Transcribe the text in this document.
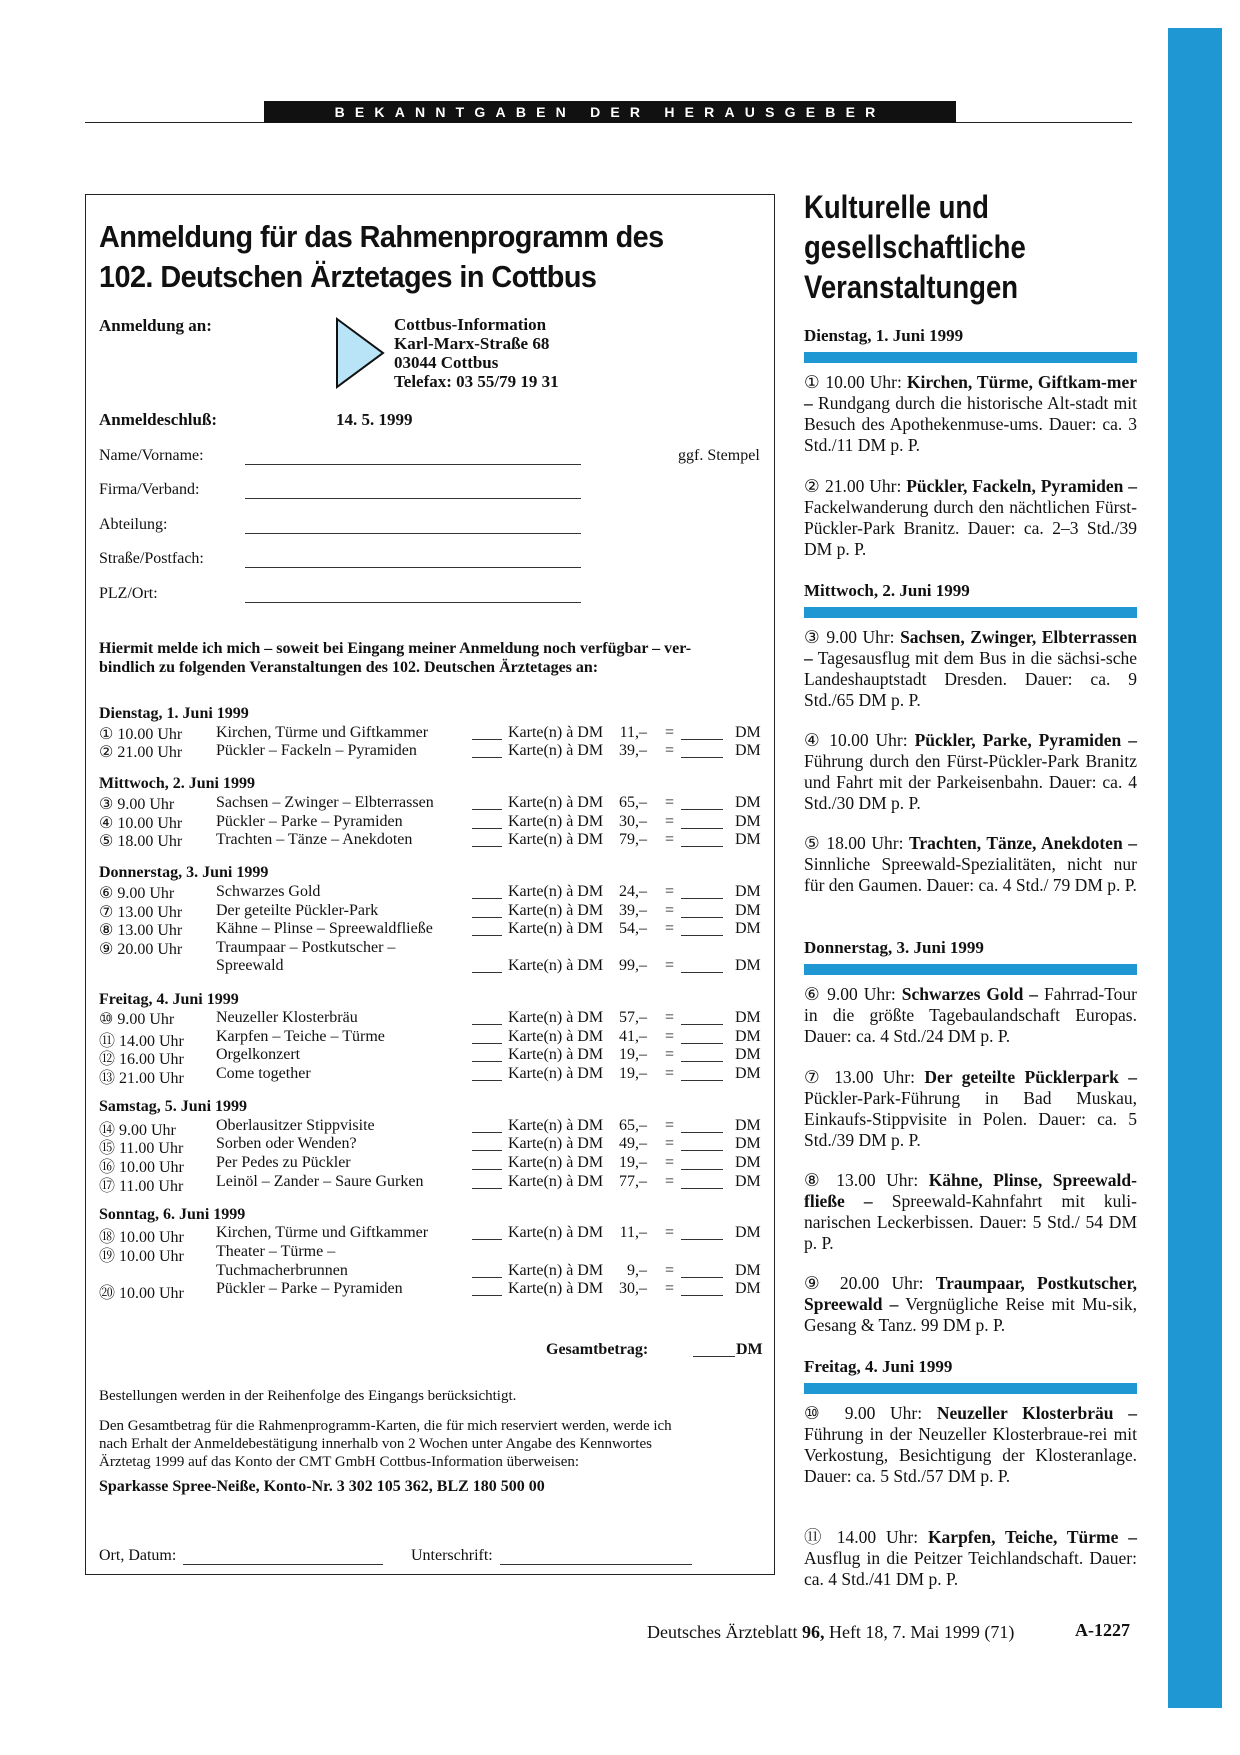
BEKANNTGABEN DER HERAUSGEBER
Anmeldung für das Rahmenprogramm des
102. Deutschen Ärztetages in Cottbus
Anmeldung an:	Cottbus-Information
Karl-Marx-Straße 68
03044 Cottbus
Telefax: 03 55/79 19 31
Anmeldeschluß:	14. 5. 1999
ggf. Stempel
Name/Vorname:
Firma/Verband:
Abteilung:
Straße/Postfach:
PLZ/Ort:
Hiermit melde ich mich – soweit bei Eingang meiner Anmeldung noch verfügbar – ver-
bindlich zu folgenden Veranstaltungen des 102. Deutschen Ärztetages an:
Dienstag, 1. Juni 1999
① 10.00 Uhr Kirchen, Türme und Giftkammer	Karte(n) à DM	11,– =	DM
② 21.00 Uhr Pückler – Fackeln – Pyramiden	Karte(n) à DM 39,– =	DM
Mittwoch, 2. Juni 1999
③ 9.00 Uhr	Sachsen – Zwinger – Elbterrassen	Karte(n) à DM 65,– =	DM
④ 10.00 Uhr Pückler – Parke – Pyramiden	Karte(n) à DM 30,– =	DM
⑤ 18.00 Uhr Trachten – Tänze – Anekdoten	Karte(n) à DM 79,– =	DM
Donnerstag, 3. Juni 1999
⑥ 9.00 Uhr	Schwarzes Gold	Karte(n) à DM 24,– =	DM
⑦ 13.00 Uhr Der geteilte Pückler-Park	Karte(n) à DM 39,– =	DM
⑧ 13.00 Uhr Kähne – Plinse – Spreewaldfließe	Karte(n) à DM 54,– =	DM
⑨ 20.00 Uhr Traumpaar – Postkutscher –
Spreewald	Karte(n) à DM 99,– =	DM
Freitag, 4. Juni 1999
⑩ 9.00 Uhr	Neuzeller Klosterbräu	Karte(n) à DM 57,– =	DM
⑪ 14.00 Uhr Karpfen – Teiche – Türme	Karte(n) à DM 41,– =	DM
⑫ 16.00 Uhr Orgelkonzert	Karte(n) à DM 19,– =	DM
⑬ 21.00 Uhr Come together	Karte(n) à DM 19,– =	DM
Samstag, 5. Juni 1999
⑭ 9.00 Uhr	Oberlausitzer Stippvisite	Karte(n) à DM 65,– =	DM
⑮ 11.00 Uhr Sorben oder Wenden?	Karte(n) à DM 49,– =	DM
⑯ 10.00 Uhr Per Pedes zu Pückler	Karte(n) à DM 19,– =	DM
⑰ 11.00 Uhr Leinöl – Zander – Saure Gurken	Karte(n) à DM 77,– =	DM
Sonntag, 6. Juni 1999
⑱ 10.00 Uhr Kirchen, Türme und Giftkammer	Karte(n) à DM	11,– =	DM
⑲ 10.00 Uhr Theater – Türme –
Tuchmacherbrunnen	Karte(n) à DM	9,– =	DM
⑳ 10.00 Uhr Pückler – Parke – Pyramiden	Karte(n) à DM 30,– =	DM
Gesamtbetrag:	DM
Bestellungen werden in der Reihenfolge des Eingangs berücksichtigt.
Den Gesamtbetrag für die Rahmenprogramm-Karten, die für mich reserviert werden, werde ich
nach Erhalt der Anmeldebestätigung innerhalb von 2 Wochen unter Angabe des Kennwortes
Ärztetag 1999 auf das Konto der CMT GmbH Cottbus-Information überweisen:
Sparkasse Spree-Neiße, Konto-Nr. 3 302 105 362, BLZ 180 500 00
Ort, Datum:	Unterschrift:
Kulturelle und
gesellschaftliche
Veranstaltungen
Dienstag, 1. Juni 1999
① 10.00 Uhr: Kirchen, Türme, Giftkam-mer – Rundgang durch die historische Alt-stadt mit Besuch des Apothekenmuse-ums. Dauer: ca. 3 Std./11 DM p. P.
② 21.00 Uhr: Pückler, Fackeln, Pyramiden – Fackelwanderung durch den nächtlichen Fürst-Pückler-Park Branitz. Dauer: ca. 2–3 Std./39 DM p. P.
Mittwoch, 2. Juni 1999
③ 9.00 Uhr: Sachsen, Zwinger, Elbterrassen – Tagesausflug mit dem Bus in die sächsi-sche Landeshauptstadt Dresden. Dauer: ca. 9 Std./65 DM p. P.
④ 10.00 Uhr: Pückler, Parke, Pyramiden – Führung durch den Fürst-Pückler-Park Branitz und Fahrt mit der Parkeisenbahn. Dauer: ca. 4 Std./30 DM p. P.
⑤ 18.00 Uhr: Trachten, Tänze, Anekdoten – Sinnliche Spreewald-Spezialitäten, nicht nur für den Gaumen. Dauer: ca. 4 Std./ 79 DM p. P.
Donnerstag, 3. Juni 1999
⑥ 9.00 Uhr: Schwarzes Gold – Fahrrad-Tour in die größte Tagebaulandschaft Europas. Dauer: ca. 4 Std./24 DM p. P.
⑦ 13.00 Uhr: Der geteilte Pücklerpark – Pückler-Park-Führung in Bad Muskau, Einkaufs-Stippvisite in Polen. Dauer: ca. 5 Std./39 DM p. P.
⑧ 13.00 Uhr: Kähne, Plinse, Spreewald-fließe – Spreewald-Kahnfahrt mit kuli-narischen Leckerbissen. Dauer: 5 Std./ 54 DM p. P.
⑨ 20.00 Uhr: Traumpaar, Postkutscher, Spreewald – Vergnügliche Reise mit Mu-sik, Gesang & Tanz. 99 DM p. P.
Freitag, 4. Juni 1999
⑩ 9.00 Uhr: Neuzeller Klosterbräu – Führung in der Neuzeller Klosterbraue-rei mit Verkostung, Besichtigung der Klosteranlage. Dauer: ca. 5 Std./57 DM p. P.
⑪ 14.00 Uhr: Karpfen, Teiche, Türme – Ausflug in die Peitzer Teichlandschaft. Dauer: ca. 4 Std./41 DM p. P.
Deutsches Ärzteblatt 96, Heft 18, 7. Mai 1999 (71)	A-1227
